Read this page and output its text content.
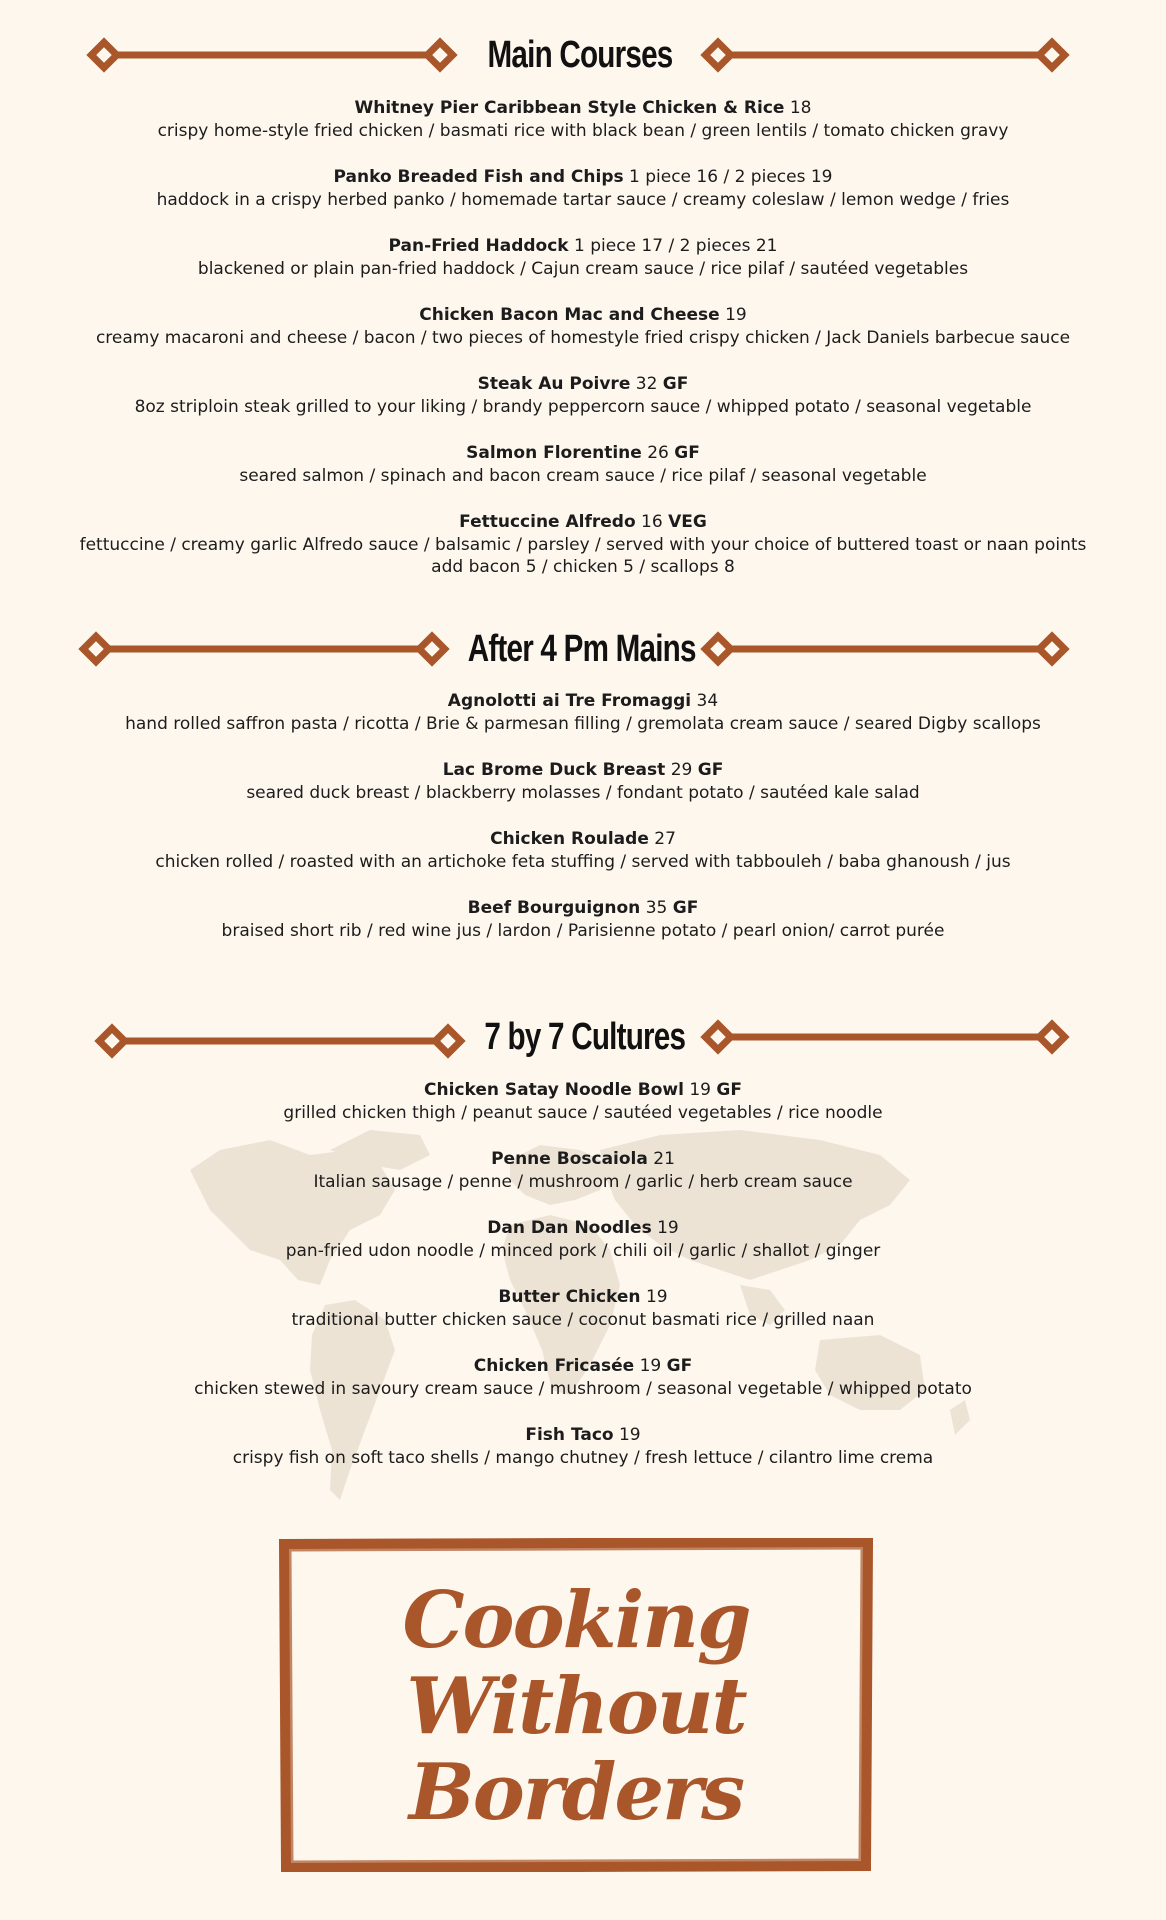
Main Courses
Whitney Pier Caribbean Style Chicken & Rice 18
crispy home-style fried chicken / basmati rice with black bean / green lentils / tomato chicken gravy
Panko Breaded Fish and Chips 1 piece 16 / 2 pieces 19
haddock in a crispy herbed panko / homemade tartar sauce / creamy coleslaw / lemon wedge / fries
Pan-Fried Haddock 1 piece 17 / 2 pieces 21
blackened or plain pan-fried haddock / Cajun cream sauce / rice pilaf / sautéed vegetables
Chicken Bacon Mac and Cheese 19
creamy macaroni and cheese / bacon / two pieces of homestyle fried crispy chicken / Jack Daniels barbecue sauce
Steak Au Poivre 32 GF
8oz striploin steak grilled to your liking / brandy peppercorn sauce / whipped potato / seasonal vegetable
Salmon Florentine 26 GF
seared salmon / spinach and bacon cream sauce / rice pilaf / seasonal vegetable
Fettuccine Alfredo 16 VEG
fettuccine / creamy garlic Alfredo sauce / balsamic / parsley / served with your choice of buttered toast or naan points
add bacon 5 / chicken 5 / scallops 8
After 4 Pm Mains
Agnolotti ai Tre Fromaggi 34
hand rolled saffron pasta / ricotta / Brie & parmesan filling / gremolata cream sauce / seared Digby scallops
Lac Brome Duck Breast 29 GF
seared duck breast / blackberry molasses / fondant potato / sautéed kale salad
Chicken Roulade 27
chicken rolled / roasted with an artichoke feta stuffing / served with tabbouleh / baba ghanoush / jus
Beef Bourguignon 35 GF
braised short rib / red wine jus / lardon / Parisienne potato / pearl onion/ carrot purée
7 by 7 Cultures
Chicken Satay Noodle Bowl 19 GF
grilled chicken thigh / peanut sauce / sautéed vegetables / rice noodle
Penne Boscaiola 21
Italian sausage / penne / mushroom / garlic / herb cream sauce
Dan Dan Noodles 19
pan-fried udon noodle / minced pork / chili oil / garlic / shallot / ginger
Butter Chicken 19
traditional butter chicken sauce / coconut basmati rice / grilled naan
Chicken Fricasée 19 GF
chicken stewed in savoury cream sauce / mushroom / seasonal vegetable / whipped potato
Fish Taco 19
crispy fish on soft taco shells / mango chutney / fresh lettuce / cilantro lime crema
Cooking
Without
Borders
